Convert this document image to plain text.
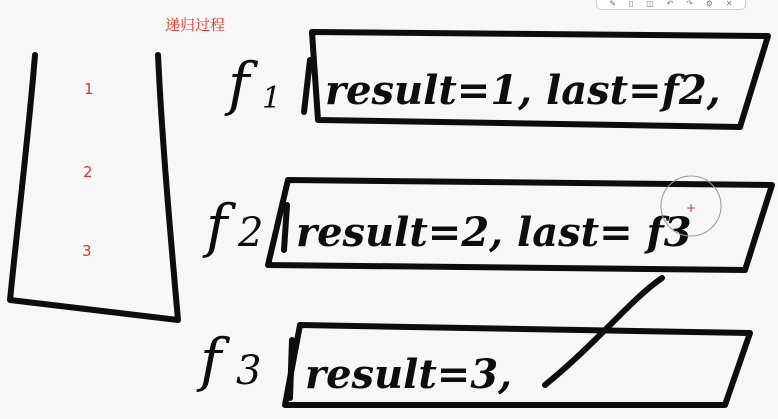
✎ ▯ ◫ ↶ ↷ ⚙ ✕
递归过程
1
2
3
f 1 result=1, last=f2,
f 2 result=2, last= f3
f 3 result=3,
+
